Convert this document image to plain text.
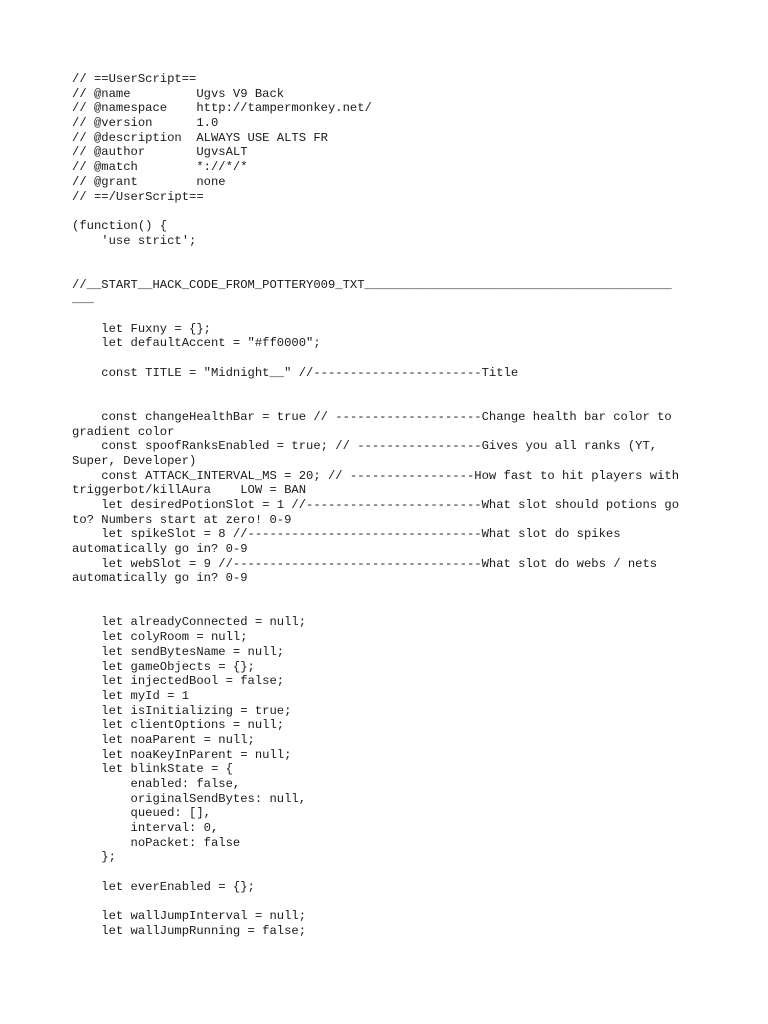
// ==UserScript==
// @name         Ugvs V9 Back
// @namespace    http://tampermonkey.net/
// @version      1.0
// @description  ALWAYS USE ALTS FR
// @author       UgvsALT
// @match        *://*/*
// @grant        none
// ==/UserScript==
(function() {
'use strict';
//__START__HACK_CODE_FROM_POTTERY009_TXT__________________________________________
___
let Fuxny = {};
let defaultAccent = "#ff0000";
const TITLE = "Midnight__" //-----------------------Title
const changeHealthBar = true // --------------------Change health bar color to
gradient color
const spoofRanksEnabled = true; // -----------------Gives you all ranks (YT,
Super, Developer)
const ATTACK_INTERVAL_MS = 20; // -----------------How fast to hit players with
triggerbot/killAura    LOW = BAN
let desiredPotionSlot = 1 //------------------------What slot should potions go
to? Numbers start at zero! 0-9
let spikeSlot = 8 //--------------------------------What slot do spikes
automatically go in? 0-9
let webSlot = 9 //----------------------------------What slot do webs / nets
automatically go in? 0-9
let alreadyConnected = null;
let colyRoom = null;
let sendBytesName = null;
let gameObjects = {};
let injectedBool = false;
let myId = 1
let isInitializing = true;
let clientOptions = null;
let noaParent = null;
let noaKeyInParent = null;
let blinkState = {
enabled: false,
originalSendBytes: null,
queued: [],
interval: 0,
noPacket: false
};
let everEnabled = {};
let wallJumpInterval = null;
let wallJumpRunning = false;
